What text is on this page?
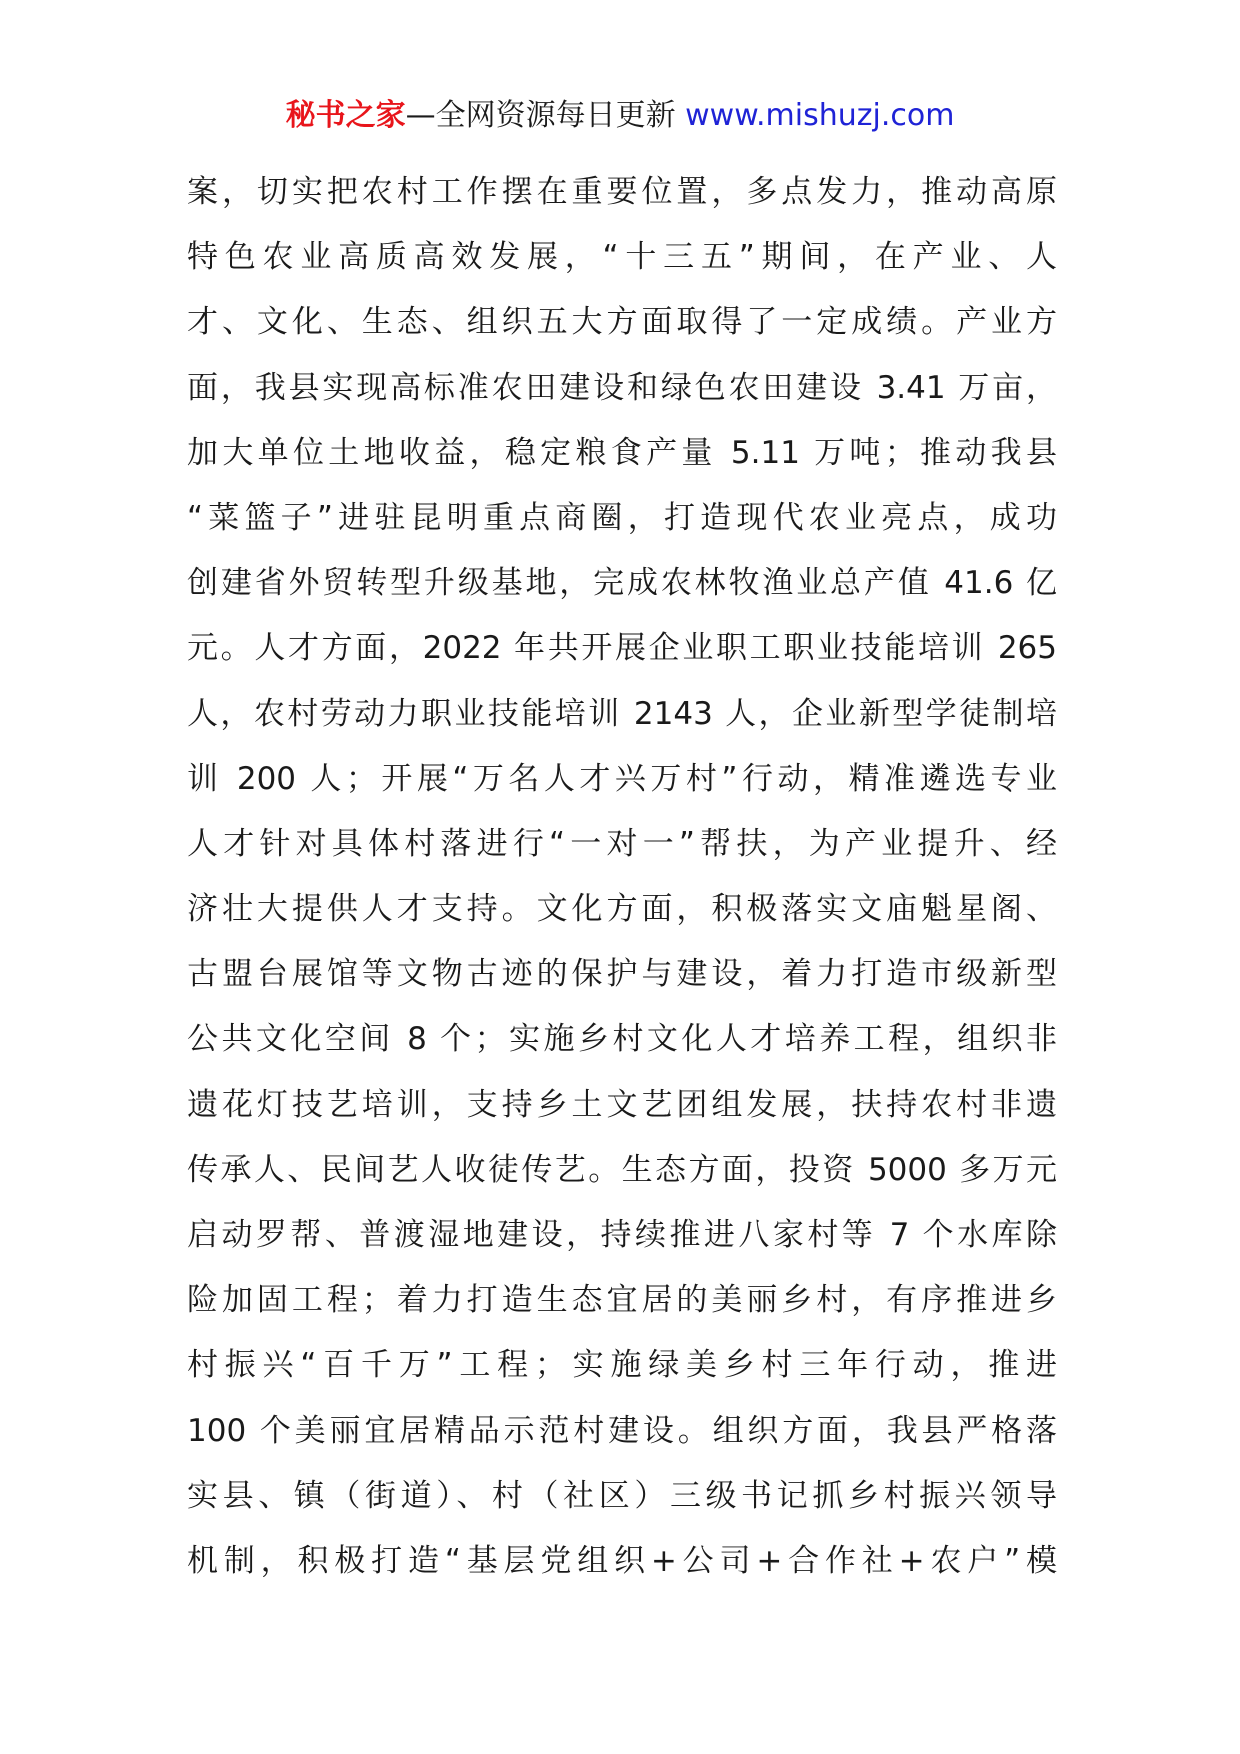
秘书之家—全网资源每日更新 www.mishuzj.com
案，切实把农村工作摆在重要位置，多点发力，推动高原
特色农业高质高效发展，“十三五”期间，在产业、人
才、文化、生态、组织五大方面取得了一定成绩。产业方
面，我县实现高标准农田建设和绿色农田建设 3.41 万亩，
加大单位土地收益，稳定粮食产量 5.11 万吨；推动我县
“菜篮子”进驻昆明重点商圈，打造现代农业亮点，成功
创建省外贸转型升级基地，完成农林牧渔业总产值 41.6 亿
元。人才方面，2022 年共开展企业职工职业技能培训 265
人，农村劳动力职业技能培训 2143 人，企业新型学徒制培
训 200 人；开展“万名人才兴万村”行动，精准遴选专业
人才针对具体村落进行“一对一”帮扶，为产业提升、经
济壮大提供人才支持。文化方面，积极落实文庙魁星阁、
古盟台展馆等文物古迹的保护与建设，着力打造市级新型
公共文化空间 8 个；实施乡村文化人才培养工程，组织非
遗花灯技艺培训，支持乡土文艺团组发展，扶持农村非遗
传承人、民间艺人收徒传艺。生态方面，投资 5000 多万元
启动罗帮、普渡湿地建设，持续推进八家村等 7 个水库除
险加固工程；着力打造生态宜居的美丽乡村，有序推进乡
村振兴“百千万”工程；实施绿美乡村三年行动，推进
100 个美丽宜居精品示范村建设。组织方面，我县严格落
实县、镇（街道）、村（社区）三级书记抓乡村振兴领导
机制，积极打造“基层党组织+公司+合作社+农户”模
